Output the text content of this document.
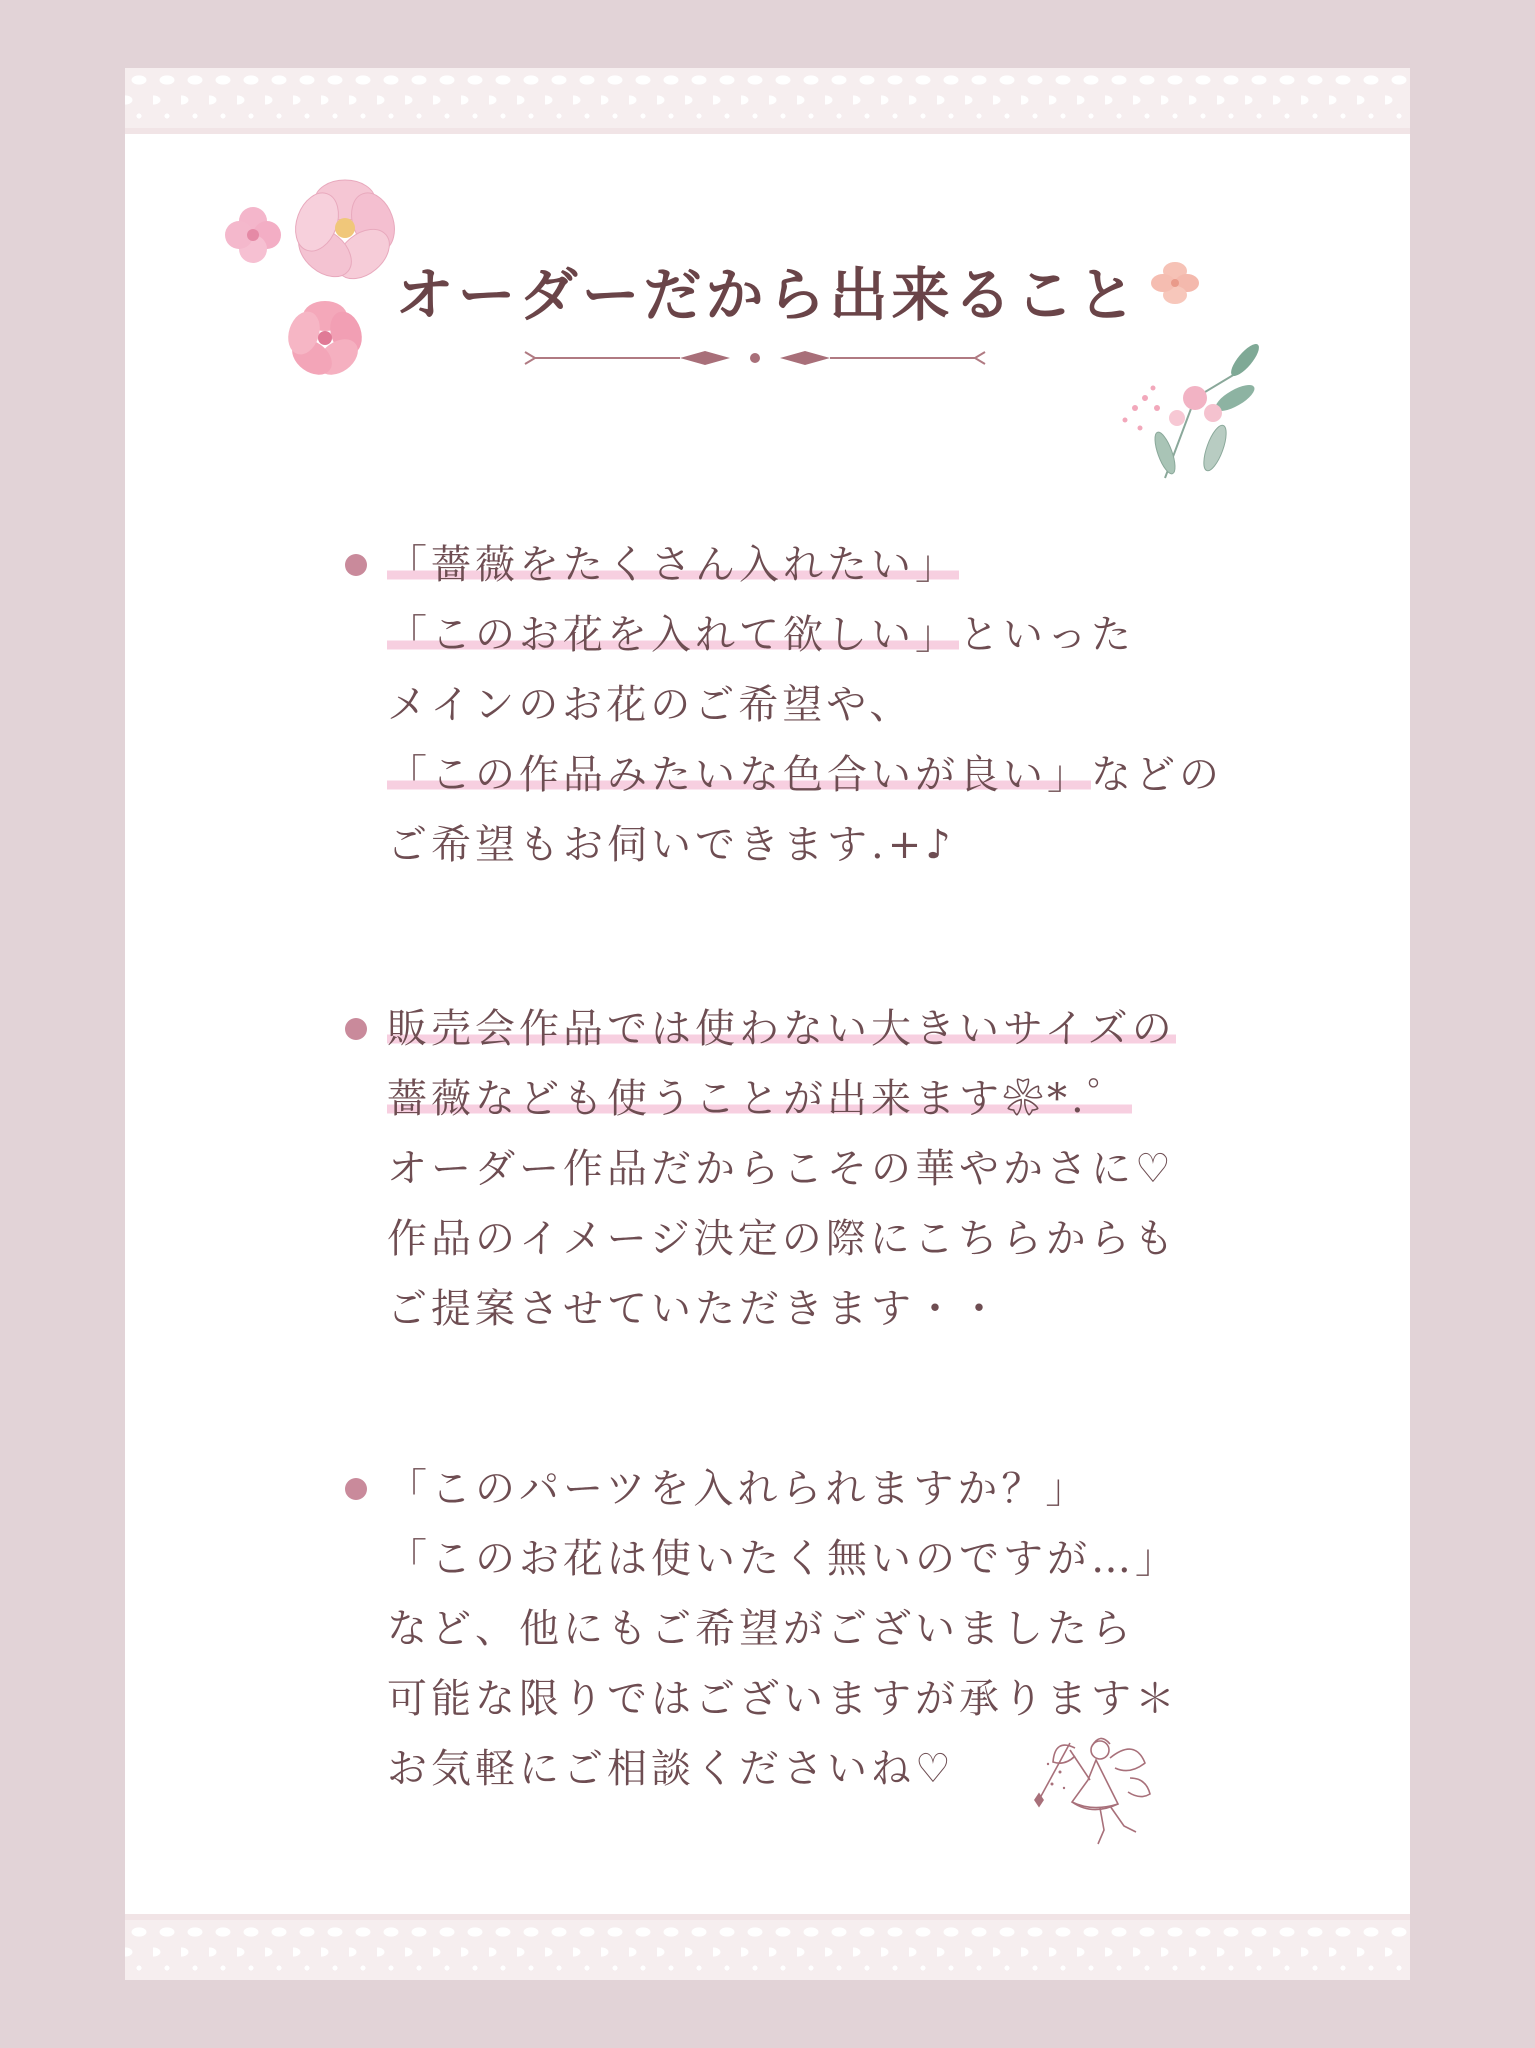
オーダーだから出来ること
「薔薇をたくさん入れたい」
「このお花を入れて欲しい」といった
メインのお花のご希望や、
「この作品みたいな色合いが良い」などの
ご希望もお伺いできます.+♪
販売会作品では使わない大きいサイズの
薔薇なども使うことが出来ます❀*.゜
オーダー作品だからこその華やかさに♡
作品のイメージ決定の際にこちらからも
ご提案させていただきます・・
「このパーツを入れられますか？」
「このお花は使いたく無いのですが…」
など、他にもご希望がございましたら
可能な限りではございますが承ります＊
お気軽にご相談くださいね♡
